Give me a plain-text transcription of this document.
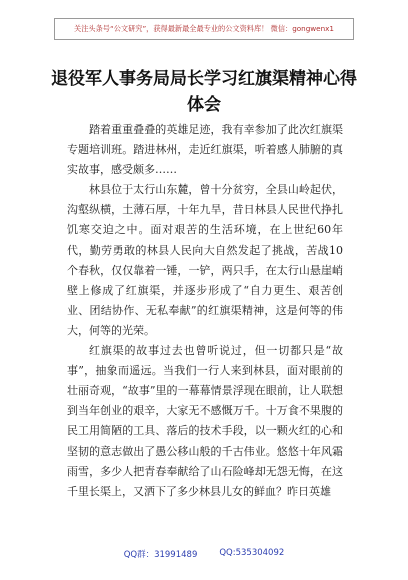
关注头条号“公文研究”，获得最新最全最专业的公文资料库！ 微信：gongwenx1
退役军人事务局局长学习红旗渠精神心得
体会

踏着重重叠叠的英雄足迹，我有幸参加了此次红旗渠专题培训班。踏进林州，走近红旗渠，听着感人肺腑的真实故事，感受颇多……

林县位于太行山东麓，曾十分贫穷，全县山岭起伏，沟壑纵横，土薄石厚，十年九旱，昔日林县人民世代挣扎饥寒交迫之中。面对艰苦的生活环境，在上世纪60年代，勤劳勇敢的林县人民向大自然发起了挑战，苦战10个春秋，仅仅靠着一锤，一铲，两只手，在太行山悬崖峭壁上修成了红旗渠，并逐步形成了“自力更生、艰苦创业、团结协作、无私奉献”的红旗渠精神，这是何等的伟大，何等的光荣。

红旗渠的故事过去也曾听说过，但一切都只是“故事”，抽象而遥远。当我们一行人来到林县，面对眼前的壮丽奇观，“故事”里的一幕幕情景浮现在眼前，让人联想到当年创业的艰辛，大家无不感慨万千。十万食不果腹的民工用简陋的工具、落后的技术手段，以一颗火红的心和坚韧的意志做出了愚公移山般的千古伟业。悠悠十年风霜雨雪，多少人把青春奉献给了山石险峰却无怨无悔，在这千里长渠上，又洒下了多少林县儿女的鲜血？昨日英雄

QQ群：31991489	QQ:535304092
